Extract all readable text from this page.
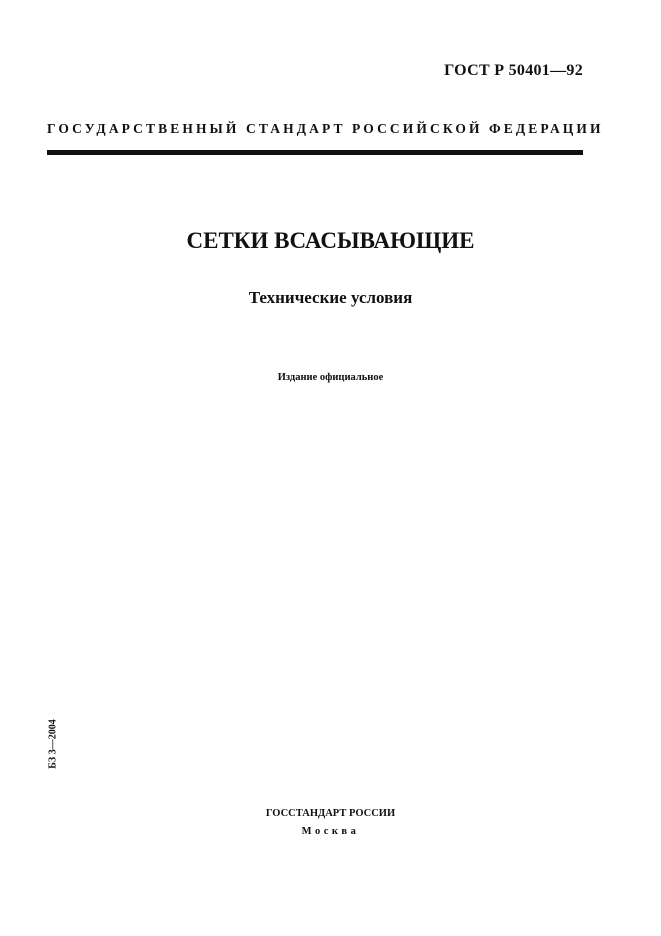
ГОСТ Р 50401—92
ГОСУДАРСТВЕННЫЙ СТАНДАРТ РОССИЙСКОЙ ФЕДЕРАЦИИ
СЕТКИ ВСАСЫВАЮЩИЕ
Технические условия
Издание официальное
БЗ 3—2004
ГОССТАНДАРТ РОССИИ
Москва
